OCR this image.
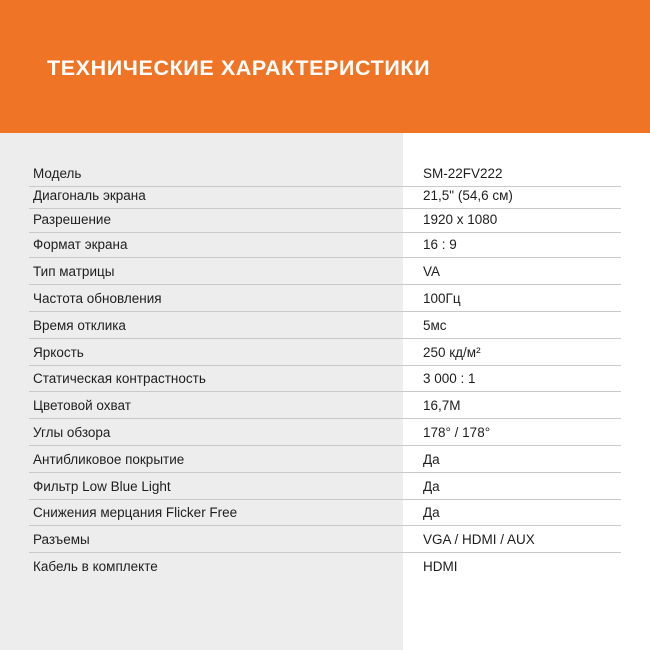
ТЕХНИЧЕСКИЕ ХАРАКТЕРИСТИКИ
Модель	SM-22FV222
Диагональ экрана	21,5" (54,6 см)
Разрешение	1920 x 1080
Формат экрана	16 : 9
Тип матрицы	VA
Частота обновления	100Гц
Время отклика	5мс
Яркость	250 кд/м²
Статическая контрастность	3 000 : 1
Цветовой охват	16,7M
Углы обзора	178° / 178°
Антибликовое покрытие	Да
Фильтр Low Blue Light	Да
Снижения мерцания Flicker Free	Да
Разъемы	VGA / HDMI / AUX
Кабель в комплекте	HDMI
